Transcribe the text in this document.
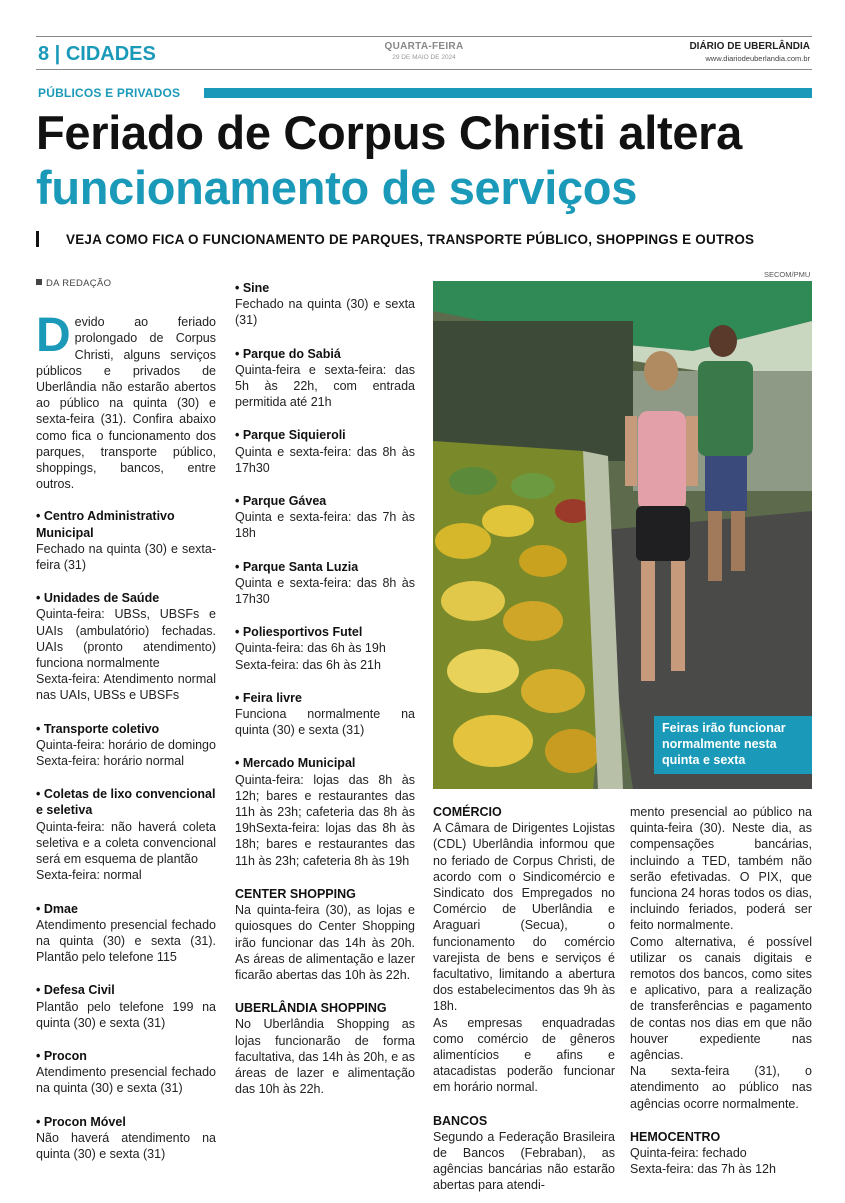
8 | CIDADES	QUARTA-FEIRA
29 DE MAIO DE 2024
DIÁRIO DE UBERLÂNDIA
www.diariodeuberlandia.com.br
PÚBLICOS E PRIVADOS
Feriado de Corpus Christi altera
funcionamento de serviços
VEJA COMO FICA O FUNCIONAMENTO DE PARQUES, TRANSPORTE PÚBLICO, SHOPPINGS E OUTROS
DA REDAÇÃO
Devido ao feriado prolongado de Corpus Christi, alguns serviços públicos e privados de Uberlândia não estarão abertos ao público na quinta (30) e sexta-feira (31). Confira abaixo como fica o funcionamento dos parques, transporte público, shoppings, bancos, entre outros.
• Centro Administrativo Municipal
Fechado na quinta (30) e sexta-feira (31)
• Unidades de Saúde
Quinta-feira: UBSs, UBSFs e UAIs (ambulatório) fechadas. UAIs (pronto atendimento) funciona normalmente
Sexta-feira: Atendimento normal nas UAIs, UBSs e UBSFs
• Transporte coletivo
Quinta-feira: horário de domingo
Sexta-feira: horário normal
• Coletas de lixo convencional e seletiva
Quinta-feira: não haverá coleta seletiva e a coleta convencional será em esquema de plantão
Sexta-feira: normal
• Dmae
Atendimento presencial fechado na quinta (30) e sexta (31). Plantão pelo telefone 115
• Defesa Civil
Plantão pelo telefone 199 na quinta (30) e sexta (31)
• Procon
Atendimento presencial fechado na quinta (30) e sexta (31)
• Procon Móvel
Não haverá atendimento na quinta (30) e sexta (31)
• Sine
Fechado na quinta (30) e sexta (31)
• Parque do Sabiá
Quinta-feira e sexta-feira: das 5h às 22h, com entrada permitida até 21h
• Parque Siquieroli
Quinta e sexta-feira: das 8h às 17h30
• Parque Gávea
Quinta e sexta-feira: das 7h às 18h
• Parque Santa Luzia
Quinta e sexta-feira: das 8h às 17h30
• Poliesportivos Futel
Quinta-feira: das 6h às 19h
Sexta-feira: das 6h às 21h
• Feira livre
Funciona normalmente na quinta (30) e sexta (31)
• Mercado Municipal
Quinta-feira: lojas das 8h às 12h; bares e restaurantes das 11h às 23h; cafeteria das 8h às 19hSexta-feira: lojas das 8h às 18h; bares e restaurantes das 11h às 23h; cafeteria 8h às 19h
CENTER SHOPPING
Na quinta-feira (30), as lojas e quiosques do Center Shopping irão funcionar das 14h às 20h. As áreas de alimentação e lazer ficarão abertas das 10h às 22h.
UBERLÂNDIA SHOPPING
No Uberlândia Shopping as lojas funcionarão de forma facultativa, das 14h às 20h, e as áreas de lazer e alimentação das 10h às 22h.
SECOM/PMU
Feiras irão funcionar normalmente nesta quinta e sexta
COMÉRCIO
A Câmara de Dirigentes Lojistas (CDL) Uberlândia informou que no feriado de Corpus Christi, de acordo com o Sindicomércio e Sindicato dos Empregados no Comércio de Uberlândia e Araguari (Secua), o funcionamento do comércio varejista de bens e serviços é facultativo, limitando a abertura dos estabelecimentos das 9h às 18h.
As empresas enquadradas como comércio de gêneros alimentícios e afins e atacadistas poderão funcionar em horário normal.
BANCOS
Segundo a Federação Brasileira de Bancos (Febraban), as agências bancárias não estarão abertas para atendi-
mento presencial ao público na quinta-feira (30). Neste dia, as compensações bancárias, incluindo a TED, também não serão efetivadas. O PIX, que funciona 24 horas todos os dias, incluindo feriados, poderá ser feito normalmente.
Como alternativa, é possível utilizar os canais digitais e remotos dos bancos, como sites e aplicativo, para a realização de transferências e pagamento de contas nos dias em que não houver expediente nas agências.
Na sexta-feira (31), o atendimento ao público nas agências ocorre normalmente.
HEMOCENTRO
Quinta-feira: fechado
Sexta-feira: das 7h às 12h
